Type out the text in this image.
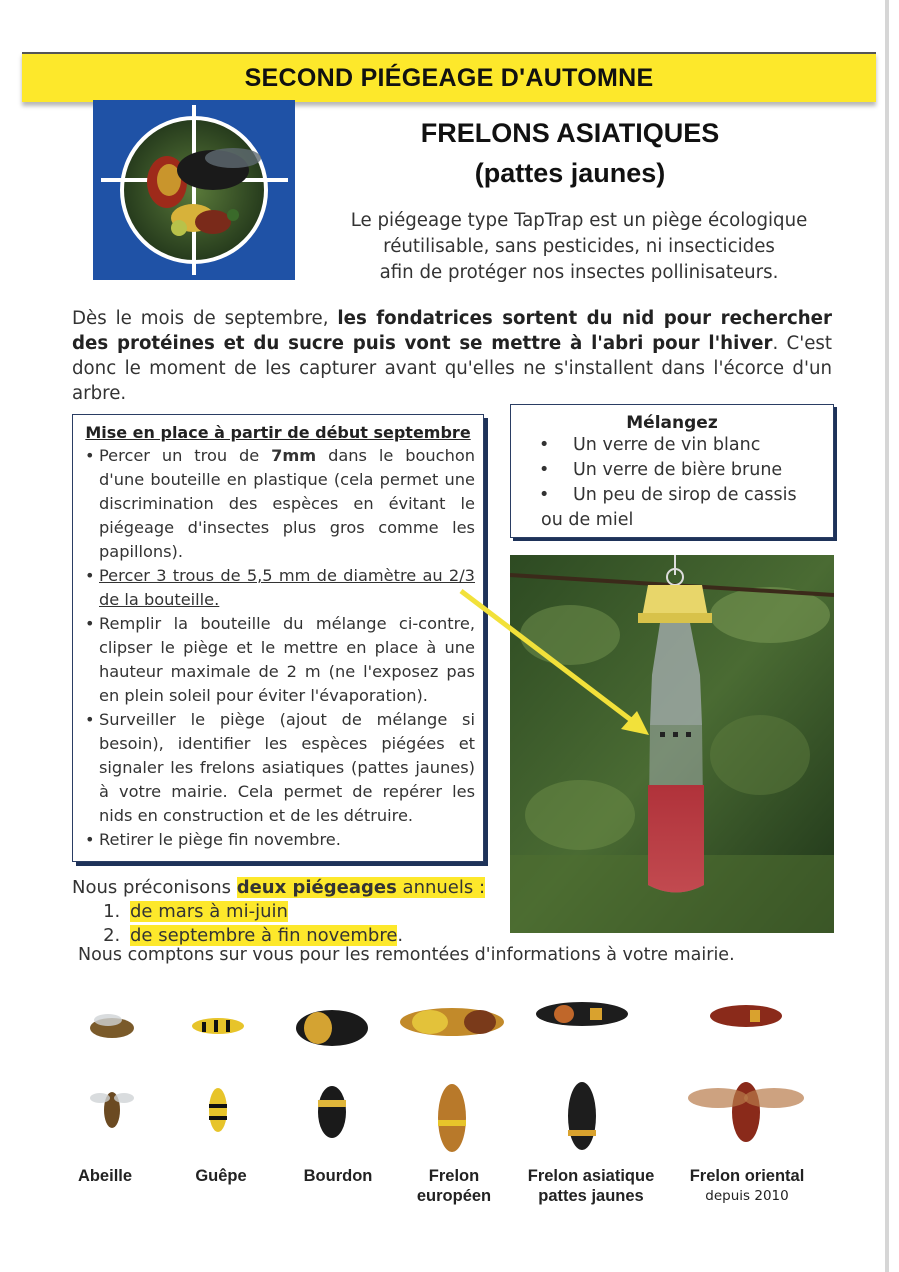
SECOND PIÉGEAGE D'AUTOMNE
FRELONS ASIATIQUES
(pattes jaunes)
Le piégeage type TapTrap est un piège écologique
réutilisable, sans pesticides, ni insecticides
afin de protéger nos insectes pollinisateurs.
Dès le mois de septembre, les fondatrices sortent du nid pour rechercher des protéines et du sucre puis vont se mettre à l'abri pour l'hiver. C'est donc le moment de les capturer avant qu'elles ne s'installent dans l'écorce d'un arbre.
Mise en place à partir de début septembre
• Percer un trou de 7mm dans le bouchon d'une bouteille en plastique (cela permet une discrimination des espèces en évitant le piégeage d'insectes plus gros comme les papillons).
• Percer 3 trous de 5,5 mm de diamètre au 2/3 de la bouteille.
• Remplir la bouteille du mélange ci-contre, clipser le piège et le mettre en place à une hauteur maximale de 2 m (ne l'exposez pas en plein soleil pour éviter l'évaporation).
• Surveiller le piège (ajout de mélange si besoin), identifier les espèces piégées et signaler les frelons asiatiques (pattes jaunes) à votre mairie. Cela permet de repérer les nids en construction et de les détruire.
• Retirer le piège fin novembre.
Mélangez
• Un verre de vin blanc
• Un verre de bière brune
• Un peu de sirop de cassis
ou de miel
Nous préconisons deux piégeages annuels :
1. de mars à mi-juin
2. de septembre à fin novembre.
Nous comptons sur vous pour les remontées d'informations à votre mairie.
Abeille	Guêpe	Bourdon	Frelon
européen
Frelon asiatique
pattes jaunes
Frelon oriental
depuis 2010
